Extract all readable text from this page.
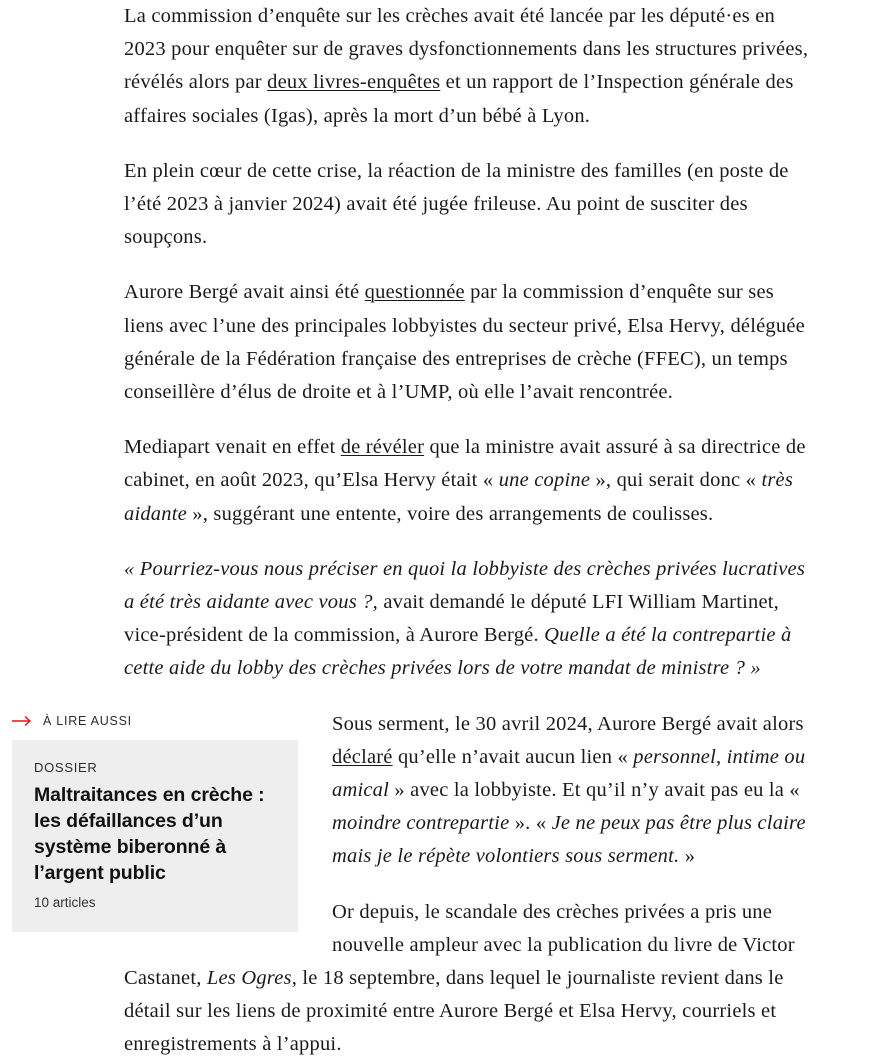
La commission d’enquête sur les crèches avait été lancée par les député·es en 2023 pour enquêter sur de graves dysfonctionnements dans les structures privées, révélés alors par deux livres-enquêtes et un rapport de l’Inspection générale des affaires sociales (Igas), après la mort d’un bébé à Lyon.

En plein cœur de cette crise, la réaction de la ministre des familles (en poste de l’été 2023 à janvier 2024) avait été jugée frileuse. Au point de susciter des soupçons.

Aurore Bergé avait ainsi été questionnée par la commission d’enquête sur ses liens avec l’une des principales lobbyistes du secteur privé, Elsa Hervy, déléguée générale de la Fédération française des entreprises de crèche (FFEC), un temps conseillère d’élus de droite et à l’UMP, où elle l’avait rencontrée.

Mediapart venait en effet de révéler que la ministre avait assuré à sa directrice de cabinet, en août 2023, qu’Elsa Hervy était « une copine », qui serait donc « très aidante », suggérant une entente, voire des arrangements de coulisses.

« Pourriez-vous nous préciser en quoi la lobbyiste des crèches privées lucratives a été très aidante avec vous ?, avait demandé le député LFI William Martinet, vice-président de la commission, à Aurore Bergé. Quelle a été la contrepartie à cette aide du lobby des crèches privées lors de votre mandat de ministre ? »

À LIRE AUSSI
DOSSIER
Maltraitances en crèche : les défaillances d’un système biberonné à l’argent public
10 articles

Sous serment, le 30 avril 2024, Aurore Bergé avait alors déclaré qu’elle n’avait aucun lien « personnel, intime ou amical » avec la lobbyiste. Et qu’il n’y avait pas eu la « moindre contrepartie ». « Je ne peux pas être plus claire mais je le répète volontiers sous serment. »

Or depuis, le scandale des crèches privées a pris une nouvelle ampleur avec la publication du livre de Victor Castanet, Les Ogres, le 18 septembre, dans lequel le journaliste revient dans le détail sur les liens de proximité entre Aurore Bergé et Elsa Hervy, courriels et enregistrements à l’appui.
